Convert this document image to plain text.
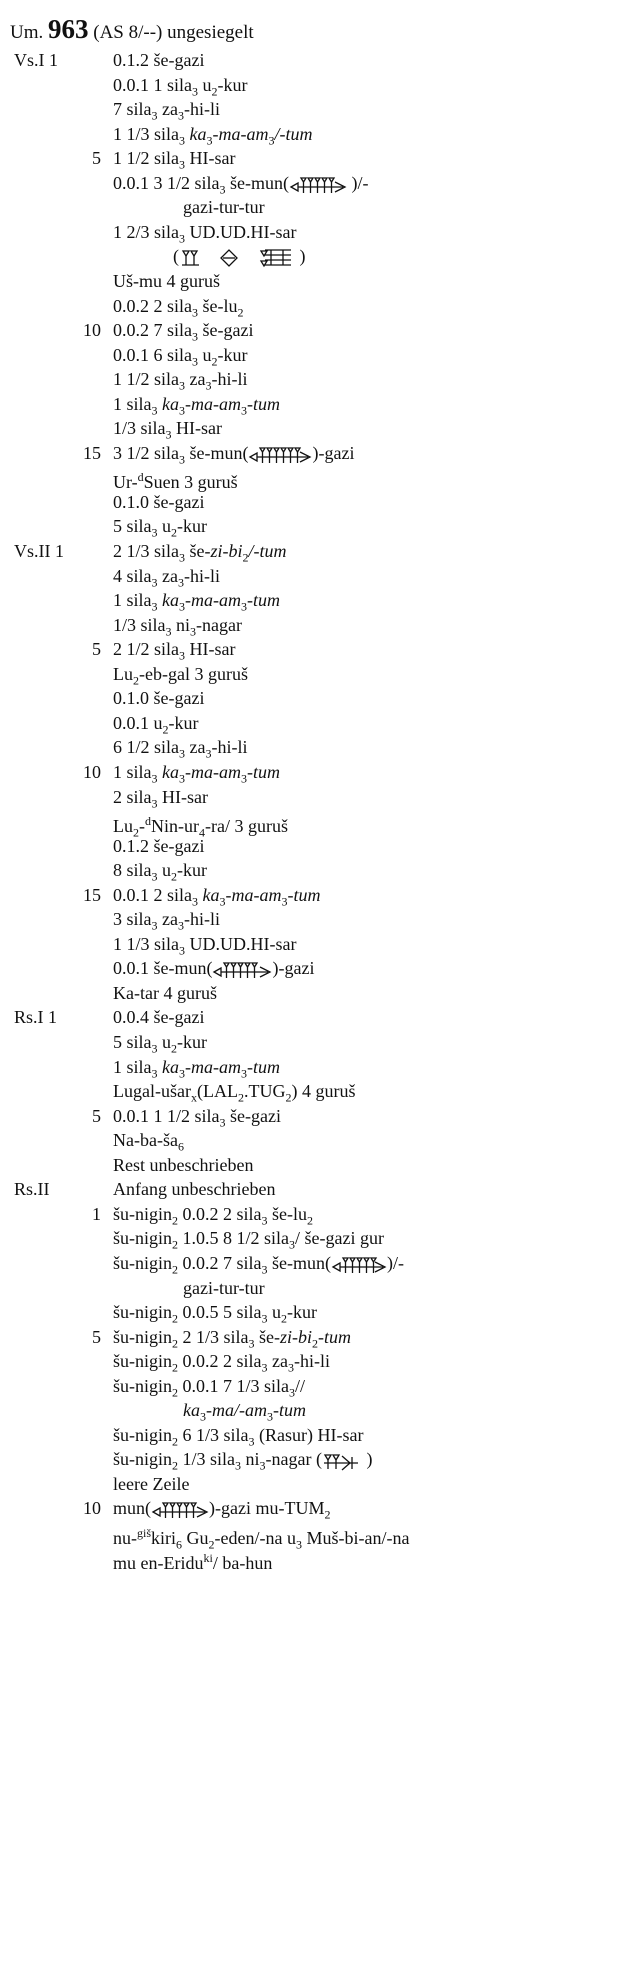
Um. 963 (AS 8/--) ungesiegelt
Vs.I 1	0.1.2 še-gazi
0.0.1 1 sila$_3$ $u_2$-kur
7 sila$_3$ $za_3-hi-li$
1 1/3 sila$_3$ $ka_3-ma-am_3/$-tum
5 1 1/2 sila$_3$ HI-sar
0.0.1 3 1/2 sila$_3$ še-mun(	)/-
gazi-tur-tur
1 2/3 sila$_3$ UD.UD.HI-sar
(	)
Uš-mu 4 guruš
0.0.2 2 sila$_3$ $še-lu_2$
10 0.0.2 7 sila$_3$ še-gazi
0.0.1 6 sila$_3$ $u_2$-kur
1 1/2 sila$_3$ $za_3-hi-li$
1 sila$_3$ $ka_3-ma-am_3$-tum
1/3 sila$_3$ HI-sar
15 3 1/2 sila$_3$ še-mun(	)-gazi
Ur-$^d$Suen 3 guruš
0.1.0 še-gazi
5 sila$_3$ $u_2$-kur
Vs.II 1	2 1/3 sila$_3$ $še-zi-bi_2/$-tum
4 sila$_3$ $za_3-hi-li$
1 sila$_3$ $ka_3-ma-am_3$-tum
1/3 sila$_3$ $ni_3$-nagar
5 2 1/2 sila$_3$ HI-sar
$Lu_2-eb$-gal 3 guruš
0.1.0 še-gazi
0.0.1 $u_2$-kur
6 1/2 sila$_3$ $za_3-hi-li$
10 1 sila$_3$ $ka_3-ma-am_3$-tum
2 sila$_3$ HI-sar
$Lu_2-^dNin-ur_4-ra/$ 3 guruš
0.1.2 še-gazi
8 sila$_3$ $u_2$-kur
15 0.0.1 2 sila$_3$ $ka_3-ma-am_3$-tum
3 sila$_3$ $za_3-hi-li$
1 1/3 sila$_3$ UD.UD.HI-sar
0.0.1 še-mun(	)-gazi
Ka-tar 4 guruš
Rs.I 1	0.0.4 še-gazi
5 sila$_3$ $u_2$-kur
1 sila$_3$ $ka_3-ma-am_3$-tum
Lugal-$ušar_x(LAL_2.TUG_2)$ 4 guruš
5 0.0.1 1 1/2 sila$_3$ še-gazi
$Na-ba-ša_6$
Rest unbeschrieben
Rs.II	Anfang unbeschrieben
1 šu-nigin$_2$ 0.0.2 2 sila$_3$ $še-lu_2$
šu-nigin$_2$ 1.0.5 8 1/2 sila$_3$/ še-gazi gur
šu-nigin$_2$ 0.0.2 7 sila$_3$ še-mun(	)/-
gazi-tur-tur
šu-nigin$_2$ 0.0.5 5 sila$_3$ $u_2$-kur
5 šu-nigin$_2$ 2 1/3 sila$_3$ $še-zi-bi_2$-tum
šu-nigin$_2$ 0.0.2 2 sila$_3$ $za_3-hi-li$
šu-nigin$_2$ 0.0.1 7 1/3 sila$_3$//
$ka_3-ma/-am_3$-tum
šu-nigin$_2$ 6 1/3 sila$_3$ (Rasur) HI-sar
šu-nigin$_2$ 1/3 sila$_3$ $ni_3$-nagar (
)
leere Zeile
10 mun(	)-gazi $mu-TUM_2$
nu-$^{giš}$kiri$_6$ $Gu_2-eden/-na$ $u_3$ Muš-bi-an/-na
mu en-Eridu$^{ki}$/ ba-hun
